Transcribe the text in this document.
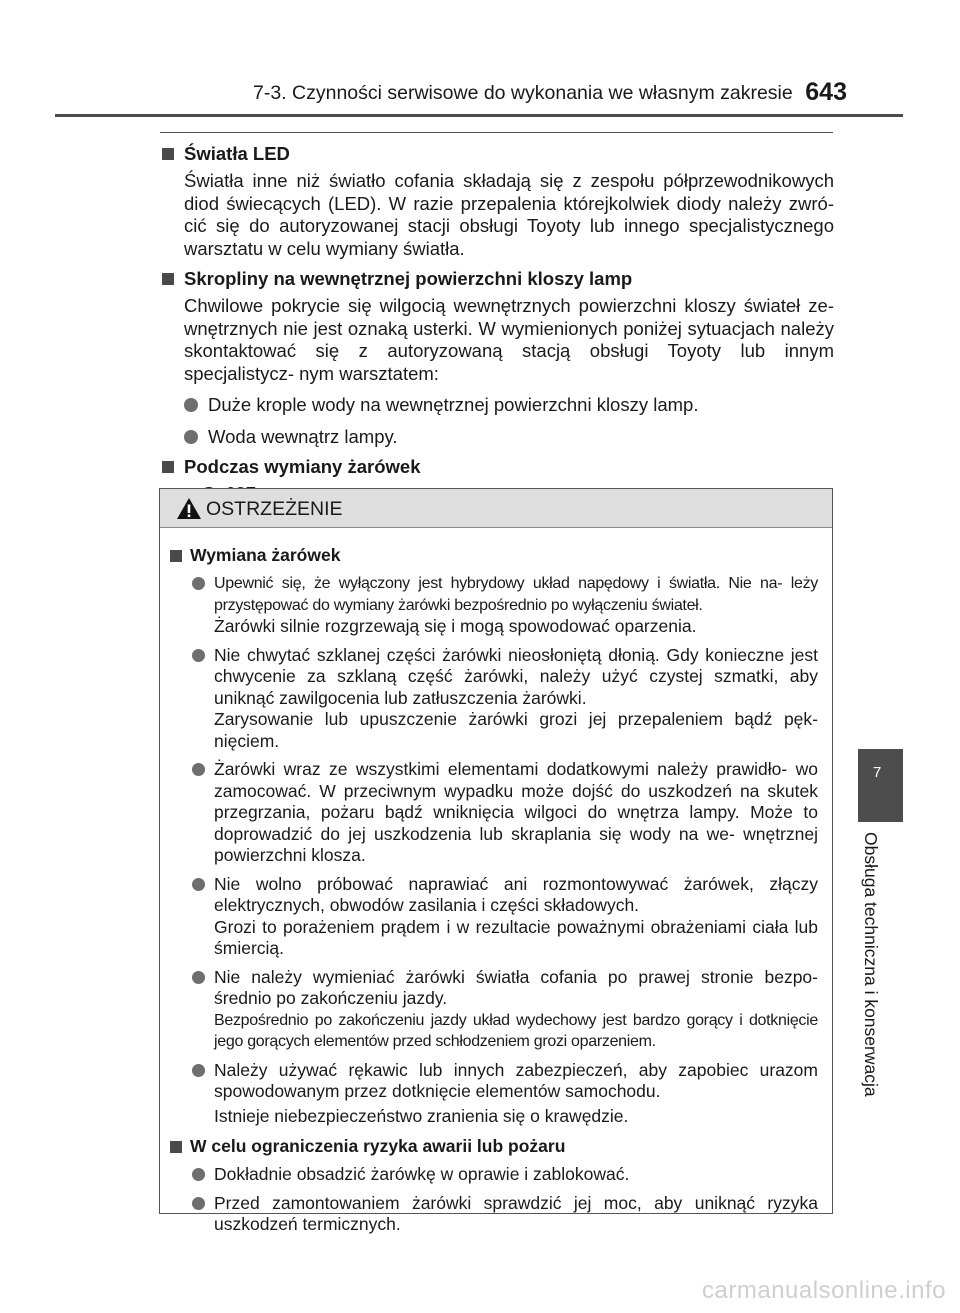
7-3. Czynności serwisowe do wykonania we własnym zakresie 643
Światła LED

Światła inne niż światło cofania składają się z zespołu półprzewodnikowych diod świecących (LED). W razie przepalenia którejkolwiek diody należy zwró- cić się do autoryzowanej stacji obsługi Toyoty lub innego specjalistycznego warsztatu w celu wymiany światła.

Skropliny na wewnętrznej powierzchni kloszy lamp

Chwilowe pokrycie się wilgocią wewnętrznych powierzchni kloszy świateł ze- wnętrznych nie jest oznaką usterki. W wymienionych poniżej sytuacjach należy skontaktować się z autoryzowaną stacją obsługi Toyoty lub innym specjalistycz- nym warsztatem:

Duże krople wody na wewnętrznej powierzchni kloszy lamp.
Woda wewnątrz lampy.
Podczas wymiany żarówek
OSTRZEŻENIE
Wymiana żarówek

Upewnić się, że wyłączony jest hybrydowy układ napędowy i światła. Nie na- leży przystępować do wymiany żarówki bezpośrednio po wyłączeniu świateł.

Żarówki silnie rozgrzewają się i mogą spowodować oparzenia.

Nie chwytać szklanej części żarówki nieosłoniętą dłonią. Gdy konieczne jest chwycenie za szklaną część żarówki, należy użyć czystej szmatki, aby uniknąć zawilgocenia lub zatłuszczenia żarówki.

Zarysowanie lub upuszczenie żarówki grozi jej przepaleniem bądź pęk- nięciem.

Żarówki wraz ze wszystkimi elementami dodatkowymi należy prawidło- wo zamocować. W przeciwnym wypadku może dojść do uszkodzeń na skutek przegrzania, pożaru bądź wniknięcia wilgoci do wnętrza lampy. Może to doprowadzić do jej uszkodzenia lub skraplania się wody na we- wnętrznej powierzchni klosza.

Nie wolno próbować naprawiać ani rozmontowywać żarówek, złączy elektrycznych, obwodów zasilania i części składowych.

Grozi to porażeniem prądem i w rezultacie poważnymi obrażeniami ciała lub śmiercią.

Nie należy wymieniać żarówki światła cofania po prawej stronie bezpo- średnio po zakończeniu jazdy.

Bezpośrednio po zakończeniu jazdy układ wydechowy jest bardzo gorący i dotknięcie jego gorących elementów przed schłodzeniem grozi oparzeniem.

Należy używać rękawic lub innych zabezpieczeń, aby zapobiec urazom spowodowanym przez dotknięcie elementów samochodu.

Istnieje niebezpieczeństwo zranienia się o krawędzie.

W celu ograniczenia ryzyka awarii lub pożaru

Dokładnie obsadzić żarówkę w oprawie i zablokować.

Przed zamontowaniem żarówki sprawdzić jej moc, aby uniknąć ryzyka uszkodzeń termicznych.

7
Obsługa techniczna i konserwacja
carmanualsonline.info
